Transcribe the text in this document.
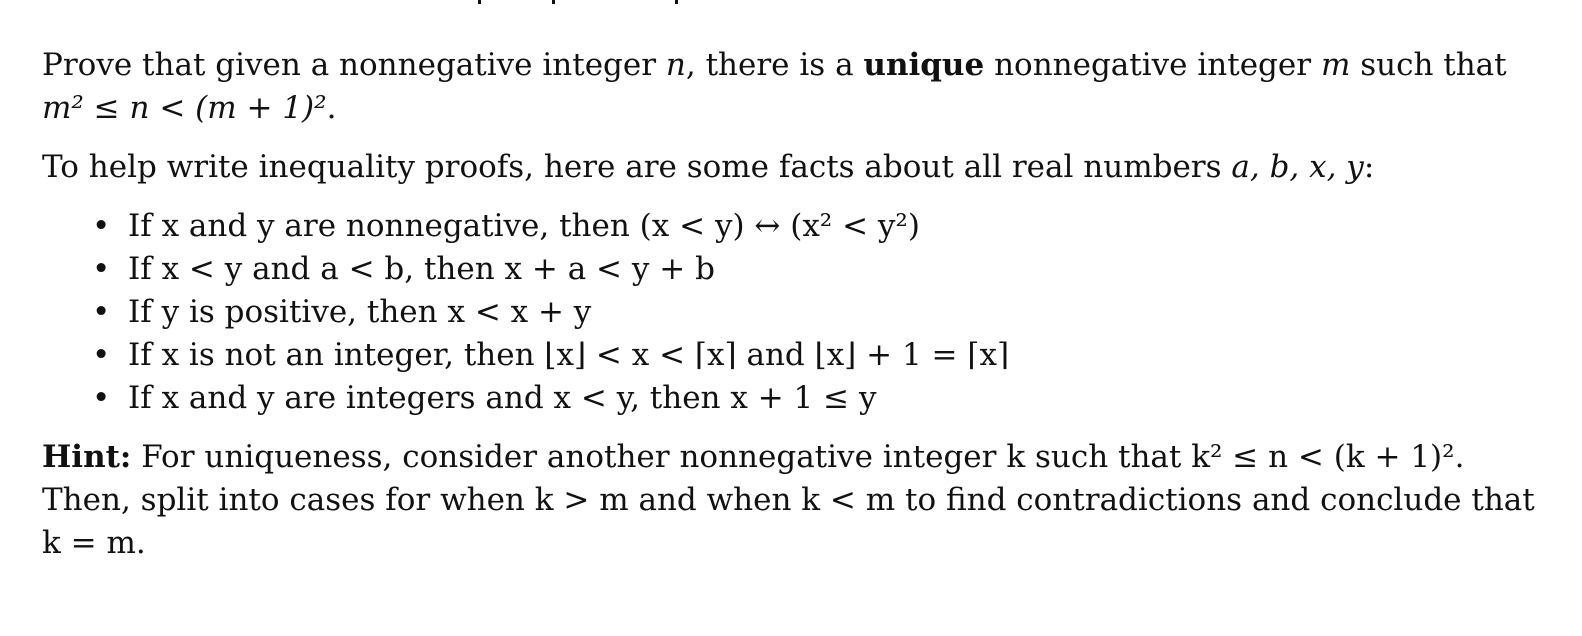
Prove that given a nonnegative integer n, there is a unique nonnegative integer m such that
m² ≤ n < (m + 1)².

To help write inequality proofs, here are some facts about all real numbers a, b, x, y:

• If x and y are nonnegative, then (x < y) ↔ (x² < y²)
• If x < y and a < b, then x + a < y + b
• If y is positive, then x < x + y
• If x is not an integer, then ⌊x⌋ < x < ⌈x⌉ and ⌊x⌋ + 1 = ⌈x⌉
• If x and y are integers and x < y, then x + 1 ≤ y

Hint: For uniqueness, consider another nonnegative integer k such that k² ≤ n < (k + 1)².
Then, split into cases for when k > m and when k < m to find contradictions and conclude that k = m.
